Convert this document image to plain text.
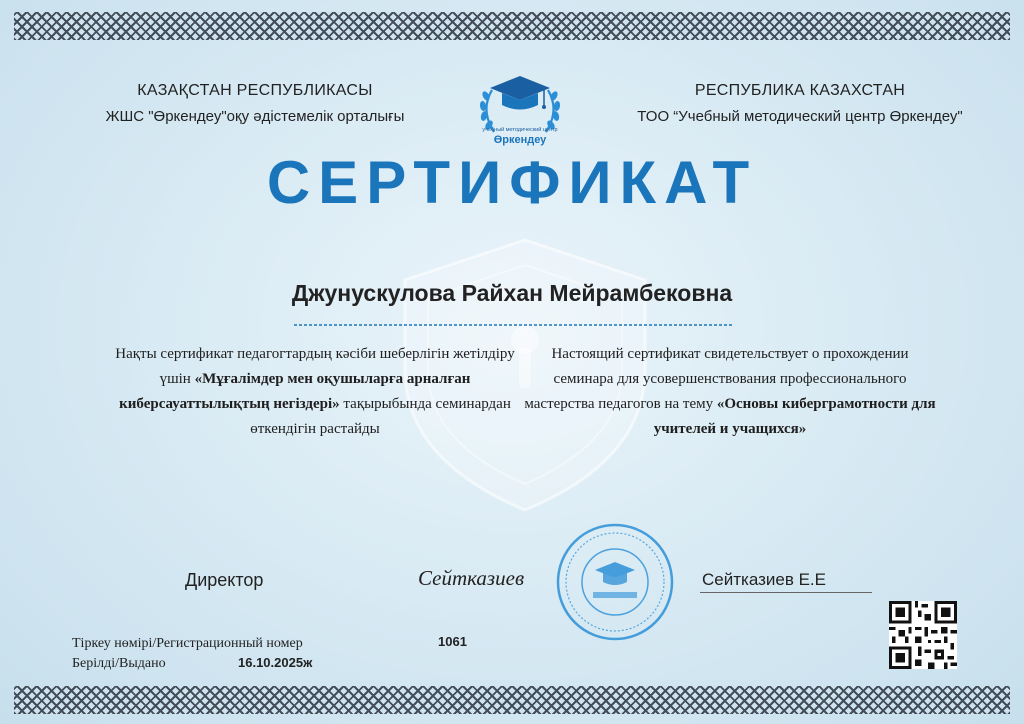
КАЗАҚСТАН РЕСПУБЛИКАСЫ
ЖШС "Өркендеу"оқу әдістемелік орталығы
учебный методический центр
Өркендеу
РЕСПУБЛИКА КАЗАХСТАН
ТОО “Учебный методический центр Өркендеу"
СЕРТИФИКАТ
Джунускулова Райхан Мейрамбековна
Нақты сертификат педагогтардың кәсіби шеберлігін жетілдіру үшін «Мұғалімдер мен оқушыларға арналған киберсауаттылықтың негіздері» тақырыбында семинардан өткендігін растайды
Настоящий сертификат свидетельствует о прохождении семинара для усовершенствования профессионального мастерства педагогов на тему «Основы киберграмотности для учителей и учащихся»
Директор	Сейтказиев	Сейтказиев Е.Е
Тіркеу нөмірі/Регистрационный номер
Берілді/Выдано
1061
16.10.2025ж
